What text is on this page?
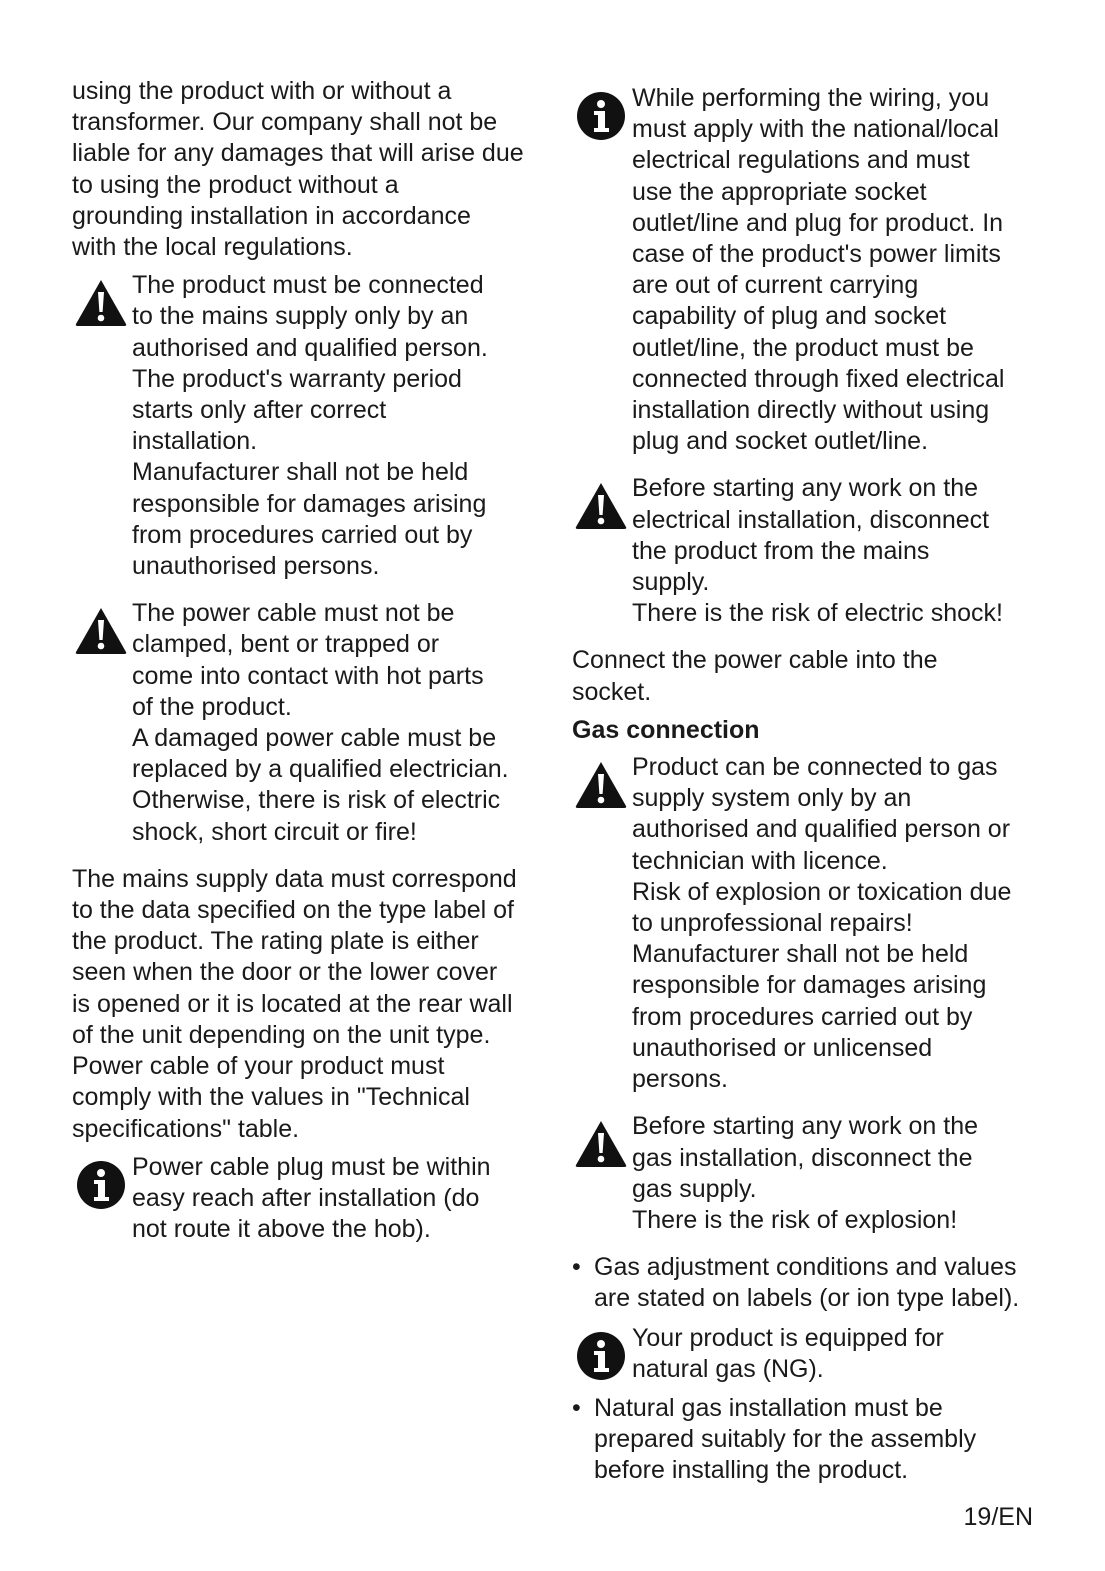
using the product with or without a
transformer. Our company shall not be
liable for any damages that will arise due
to using the product without a
grounding installation in accordance
with the local regulations.

The product must be connected
to the mains supply only by an
authorised and qualified person.
The product's warranty period
starts only after correct
installation.

Manufacturer shall not be held
responsible for damages arising
from procedures carried out by
unauthorised persons.

The power cable must not be
clamped, bent or trapped or
come into contact with hot parts
of the product.

A damaged power cable must be
replaced by a qualified electrician.
Otherwise, there is risk of electric
shock, short circuit or fire!

The mains supply data must correspond
to the data specified on the type label of
the product. The rating plate is either
seen when the door or the lower cover
is opened or it is located at the rear wall
of the unit depending on the unit type.
Power cable of your product must
comply with the values in "Technical
specifications" table.

Power cable plug must be within
easy reach after installation (do
not route it above the hob).

While performing the wiring, you
must apply with the national/local
electrical regulations and must
use the appropriate socket
outlet/line and plug for product. In
case of the product's power limits
are out of current carrying
capability of plug and socket
outlet/line, the product must be
connected through fixed electrical
installation directly without using
plug and socket outlet/line.

Before starting any work on the
electrical installation, disconnect
the product from the mains
supply.

There is the risk of electric shock!

Connect the power cable into the
socket.

Gas connection

Product can be connected to gas
supply system only by an
authorised and qualified person or
technician with licence.

Risk of explosion or toxication due
to unprofessional repairs!

Manufacturer shall not be held
responsible for damages arising
from procedures carried out by
unauthorised or unlicensed
persons.

Before starting any work on the
gas installation, disconnect the
gas supply.

There is the risk of explosion!

• Gas adjustment conditions and values
are stated on labels (or ion type label).

Your product is equipped for
natural gas (NG).

• Natural gas installation must be
prepared suitably for the assembly
before installing the product.

19/EN
